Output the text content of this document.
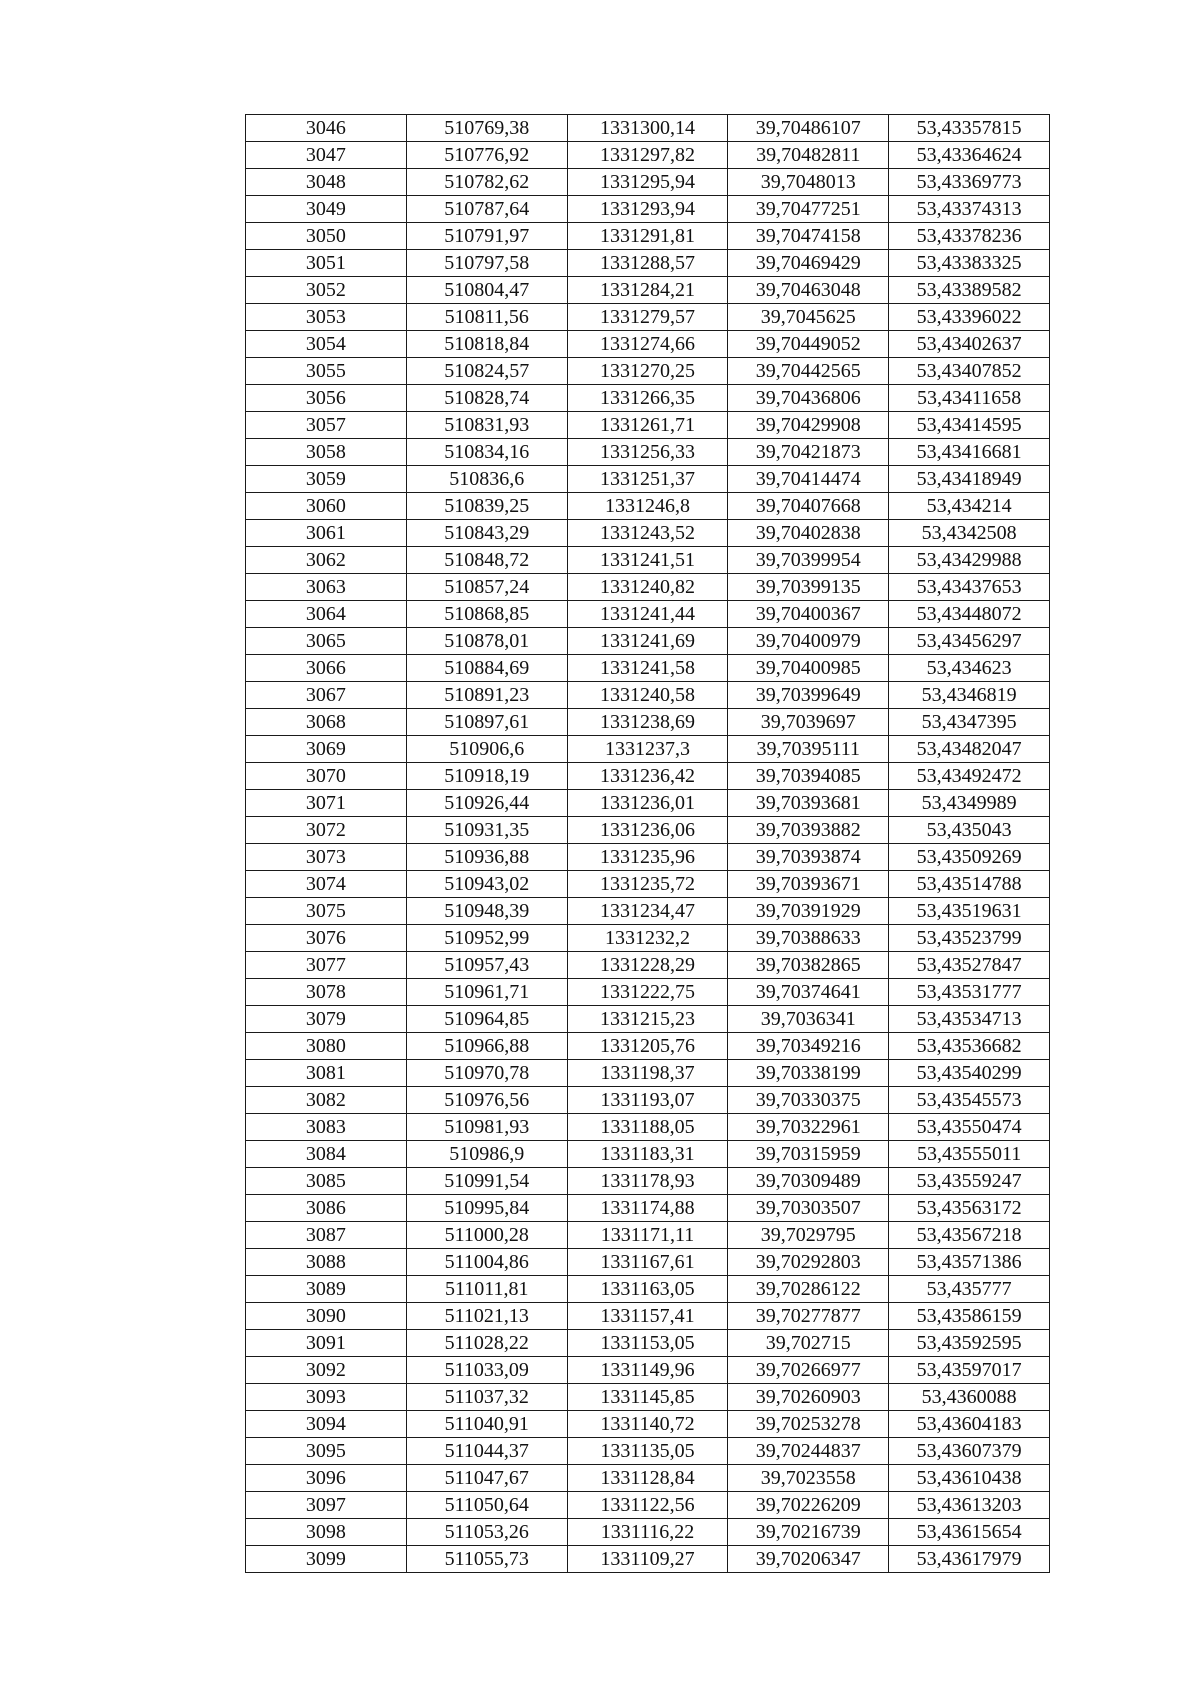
3046	510769,38	1331300,14	39,70486107	53,43357815
3047	510776,92	1331297,82	39,70482811	53,43364624
3048	510782,62	1331295,94	39,7048013	53,43369773
3049	510787,64	1331293,94	39,70477251	53,43374313
3050	510791,97	1331291,81	39,70474158	53,43378236
3051	510797,58	1331288,57	39,70469429	53,43383325
3052	510804,47	1331284,21	39,70463048	53,43389582
3053	510811,56	1331279,57	39,7045625	53,43396022
3054	510818,84	1331274,66	39,70449052	53,43402637
3055	510824,57	1331270,25	39,70442565	53,43407852
3056	510828,74	1331266,35	39,70436806	53,43411658
3057	510831,93	1331261,71	39,70429908	53,43414595
3058	510834,16	1331256,33	39,70421873	53,43416681
3059	510836,6	1331251,37	39,70414474	53,43418949
3060	510839,25	1331246,8	39,70407668	53,434214
3061	510843,29	1331243,52	39,70402838	53,4342508
3062	510848,72	1331241,51	39,70399954	53,43429988
3063	510857,24	1331240,82	39,70399135	53,43437653
3064	510868,85	1331241,44	39,70400367	53,43448072
3065	510878,01	1331241,69	39,70400979	53,43456297
3066	510884,69	1331241,58	39,70400985	53,434623
3067	510891,23	1331240,58	39,70399649	53,4346819
3068	510897,61	1331238,69	39,7039697	53,4347395
3069	510906,6	1331237,3	39,70395111	53,43482047
3070	510918,19	1331236,42	39,70394085	53,43492472
3071	510926,44	1331236,01	39,70393681	53,4349989
3072	510931,35	1331236,06	39,70393882	53,435043
3073	510936,88	1331235,96	39,70393874	53,43509269
3074	510943,02	1331235,72	39,70393671	53,43514788
3075	510948,39	1331234,47	39,70391929	53,43519631
3076	510952,99	1331232,2	39,70388633	53,43523799
3077	510957,43	1331228,29	39,70382865	53,43527847
3078	510961,71	1331222,75	39,70374641	53,43531777
3079	510964,85	1331215,23	39,7036341	53,43534713
3080	510966,88	1331205,76	39,70349216	53,43536682
3081	510970,78	1331198,37	39,70338199	53,43540299
3082	510976,56	1331193,07	39,70330375	53,43545573
3083	510981,93	1331188,05	39,70322961	53,43550474
3084	510986,9	1331183,31	39,70315959	53,43555011
3085	510991,54	1331178,93	39,70309489	53,43559247
3086	510995,84	1331174,88	39,70303507	53,43563172
3087	511000,28	1331171,11	39,7029795	53,43567218
3088	511004,86	1331167,61	39,70292803	53,43571386
3089	511011,81	1331163,05	39,70286122	53,435777
3090	511021,13	1331157,41	39,70277877	53,43586159
3091	511028,22	1331153,05	39,702715	53,43592595
3092	511033,09	1331149,96	39,70266977	53,43597017
3093	511037,32	1331145,85	39,70260903	53,4360088
3094	511040,91	1331140,72	39,70253278	53,43604183
3095	511044,37	1331135,05	39,70244837	53,43607379
3096	511047,67	1331128,84	39,7023558	53,43610438
3097	511050,64	1331122,56	39,70226209	53,43613203
3098	511053,26	1331116,22	39,70216739	53,43615654
3099	511055,73	1331109,27	39,70206347	53,43617979
